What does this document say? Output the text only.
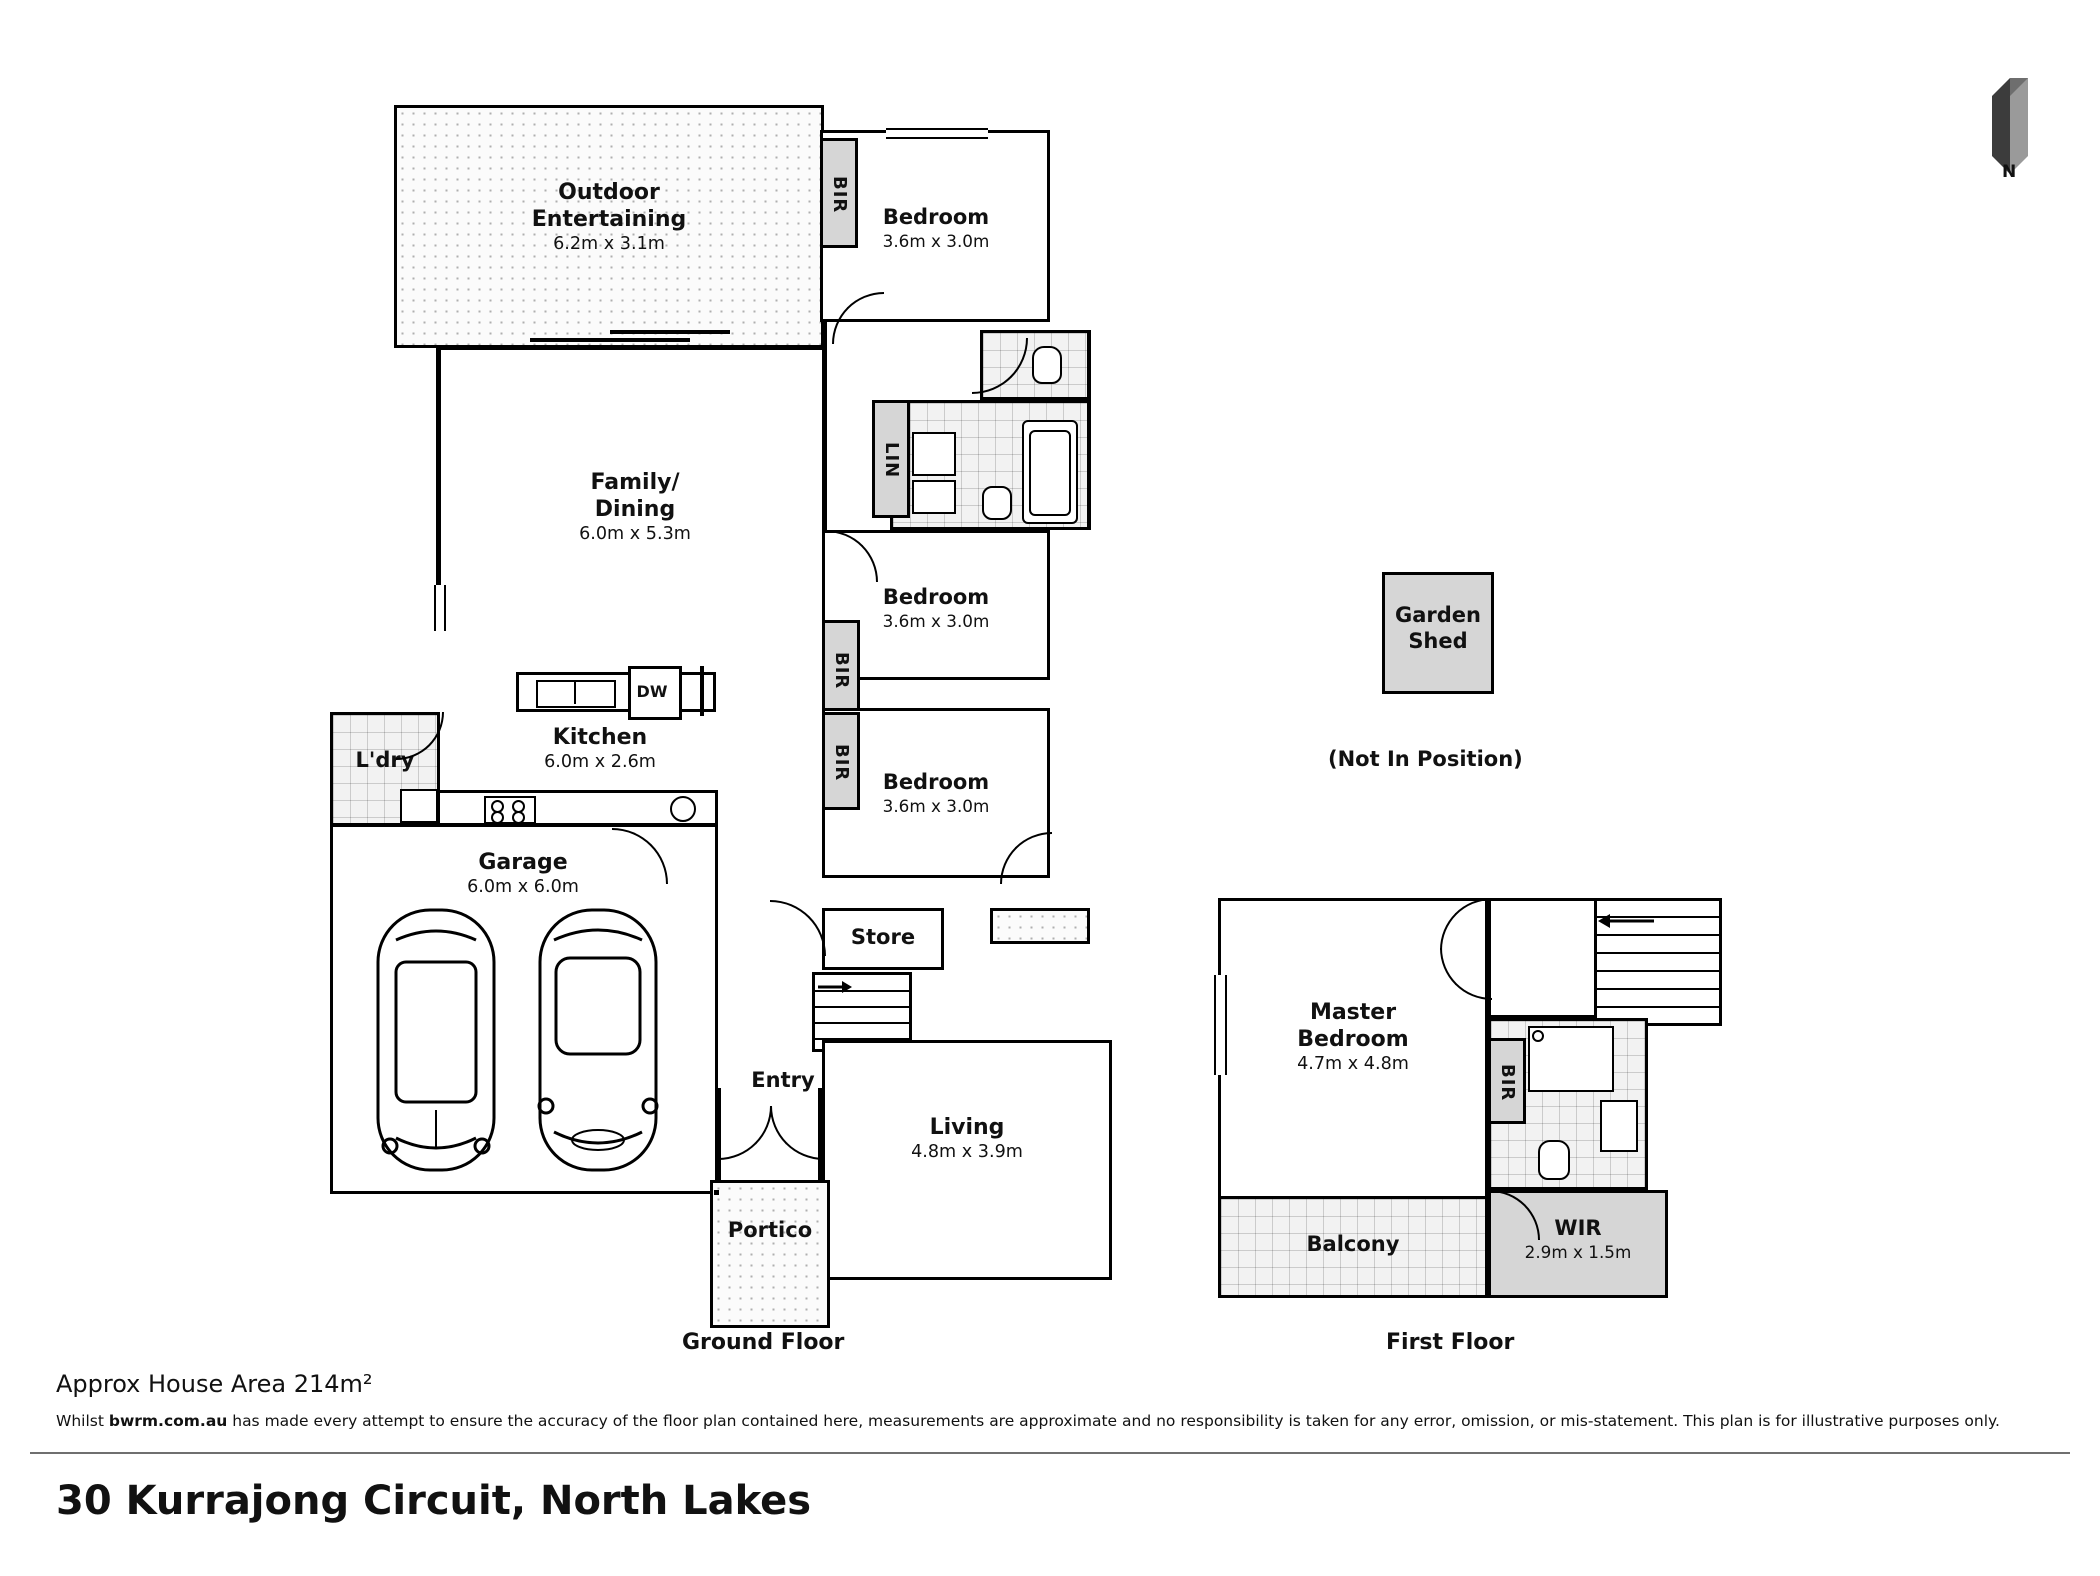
N
Outdoor
Entertaining
6.2m x 3.1m
Bedroom
3.6m x 3.0m
BIR
LIN
Family/
Dining
6.0m x 5.3m
Bedroom
3.6m x 3.0m
BIR
Bedroom
3.6m x 3.0m
BIR
DW
Kitchen
6.0m x 2.6m
L'dry
Garage
6.0m x 6.0m
Store
Entry
Living
4.8m x 3.9m
Portico
Garden
Shed
(Not In Position)
Ground Floor
Master
Bedroom
4.7m x 4.8m
BIR
WIR
2.9m x 1.5m
Balcony
First Floor
Approx House Area 214m²
Whilst bwrm.com.au has made every attempt to ensure the accuracy of the floor plan contained here, measurements are approximate and no responsibility is taken for any error, omission, or mis-statement. This plan is for illustrative purposes only.
30 Kurrajong Circuit, North Lakes
